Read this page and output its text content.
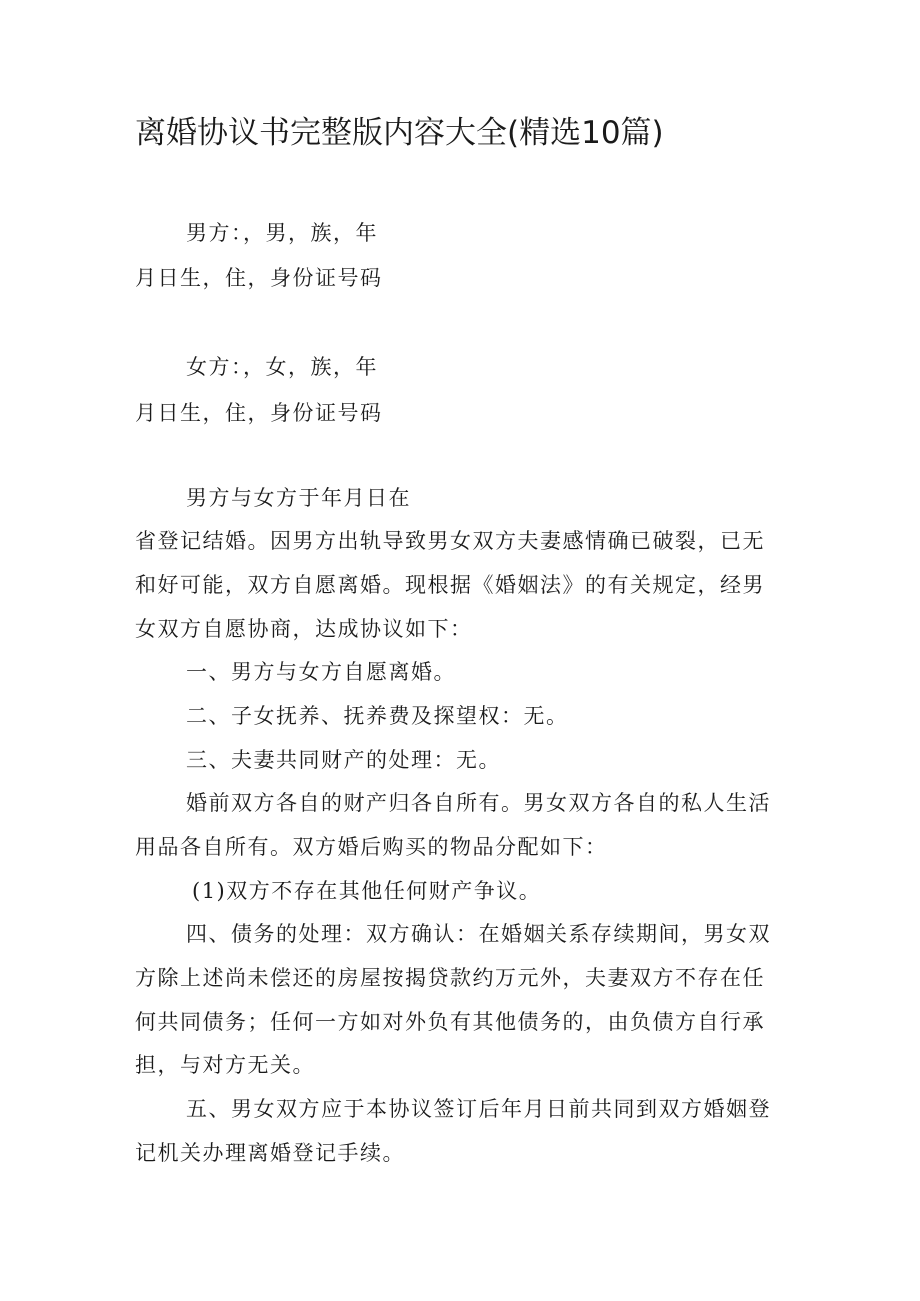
离婚协议书完整版内容大全(精选10篇)
男方：，男，族，年
月日生，住，身份证号码
女方：，女，族，年
月日生，住，身份证号码
男方与女方于年月日在
省登记结婚。因男方出轨导致男女双方夫妻感情确已破裂，已无
和好可能，双方自愿离婚。现根据《婚姻法》的有关规定，经男
女双方自愿协商，达成协议如下：
一、男方与女方自愿离婚。
二、子女抚养、抚养费及探望权：无。
三、夫妻共同财产的处理：无。
婚前双方各自的财产归各自所有。男女双方各自的私人生活
用品各自所有。双方婚后购买的物品分配如下：
(1)双方不存在其他任何财产争议。
四、债务的处理：双方确认：在婚姻关系存续期间，男女双
方除上述尚未偿还的房屋按揭贷款约万元外，夫妻双方不存在任
何共同债务；任何一方如对外负有其他债务的，由负债方自行承
担，与对方无关。
五、男女双方应于本协议签订后年月日前共同到双方婚姻登
记机关办理离婚登记手续。
